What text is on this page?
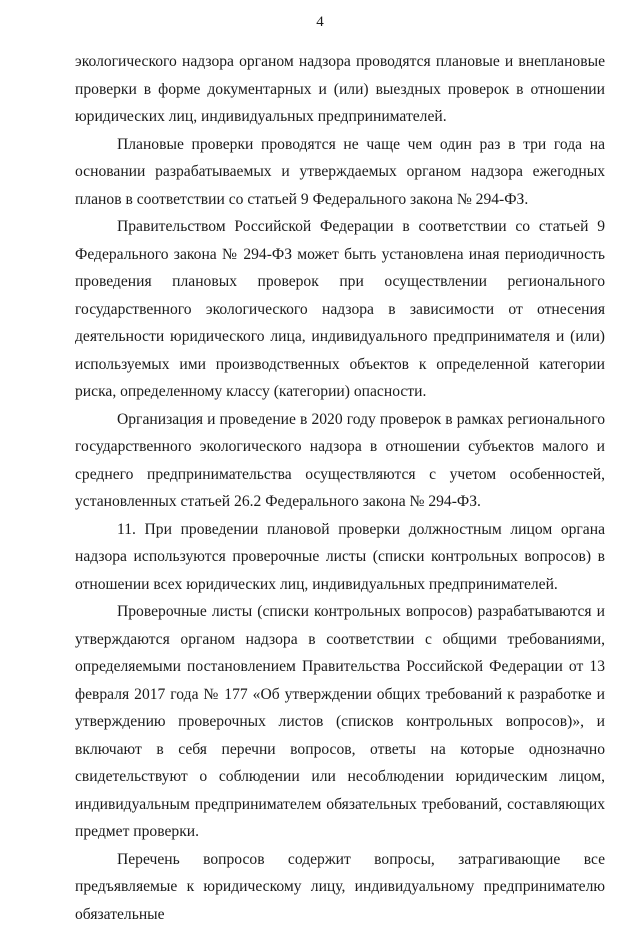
4

экологического надзора органом надзора проводятся плановые и внеплановые проверки в форме документарных и (или) выездных проверок в отношении юридических лиц, индивидуальных предпринимателей.

Плановые проверки проводятся не чаще чем один раз в три года на основании разрабатываемых и утверждаемых органом надзора ежегодных планов в соответствии со статьей 9 Федерального закона № 294-ФЗ.

Правительством Российской Федерации в соответствии со статьей 9 Федерального закона № 294-ФЗ может быть установлена иная периодичность проведения плановых проверок при осуществлении регионального государственного экологического надзора в зависимости от отнесения деятельности юридического лица, индивидуального предпринимателя и (или) используемых ими производственных объектов к определенной категории риска, определенному классу (категории) опасности.

Организация и проведение в 2020 году проверок в рамках регионального государственного экологического надзора в отношении субъектов малого и среднего предпринимательства осуществляются с учетом особенностей, установленных статьей 26.2 Федерального закона № 294-ФЗ.

11. При проведении плановой проверки должностным лицом органа надзора используются проверочные листы (списки контрольных вопросов) в отношении всех юридических лиц, индивидуальных предпринимателей.

Проверочные листы (списки контрольных вопросов) разрабатываются и утверждаются органом надзора в соответствии с общими требованиями, определяемыми постановлением Правительства Российской Федерации от 13 февраля 2017 года № 177 «Об утверждении общих требований к разработке и утверждению проверочных листов (списков контрольных вопросов)», и включают в себя перечни вопросов, ответы на которые однозначно свидетельствуют о соблюдении или несоблюдении юридическим лицом, индивидуальным предпринимателем обязательных требований, составляющих предмет проверки.

Перечень вопросов содержит вопросы, затрагивающие все предъявляемые к юридическому лицу, индивидуальному предпринимателю обязательные
